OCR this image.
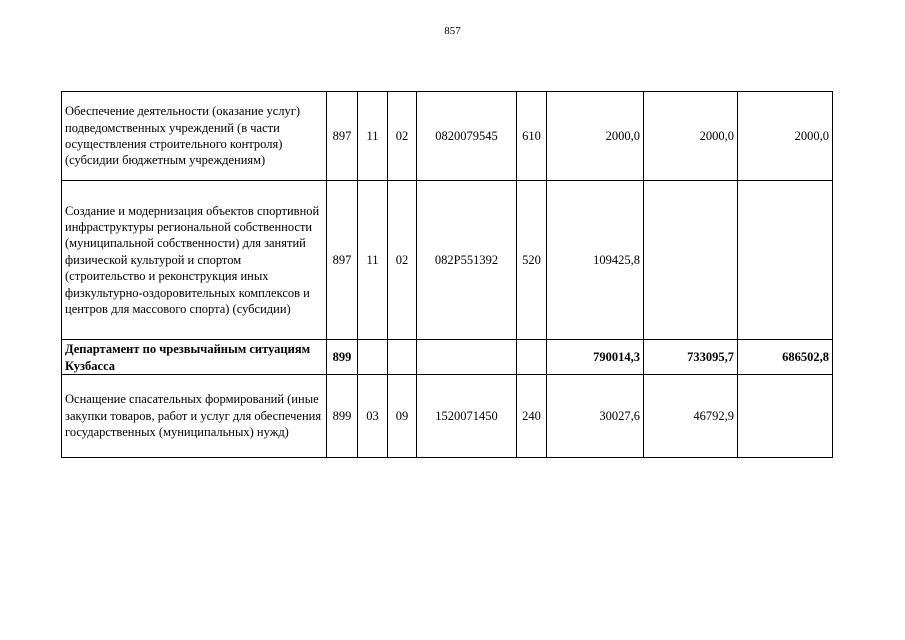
857
Обеспечение деятельности (оказание услуг) подведомственных учреждений (в части осуществления строительного контроля) (субсидии бюджетным учреждениям)	897	11	02	0820079545	610	2000,0	2000,0	2000,0
Создание и модернизация объектов спортивной инфраструктуры региональной собственности (муниципальной собственности) для занятий физической культурой и спортом (строительство и реконструкция иных физкультурно-оздоровительных комплексов и центров для массового спорта) (субсидии)	897	11	02	082P551392	520	109425,8		
Департамент по чрезвычайным ситуациям Кузбасса	899					790014,3	733095,7	686502,8
Оснащение спасательных формирований (иные закупки товаров, работ и услуг для обеспечения государственных (муниципальных) нужд)	899	03	09	1520071450	240	30027,6	46792,9	
